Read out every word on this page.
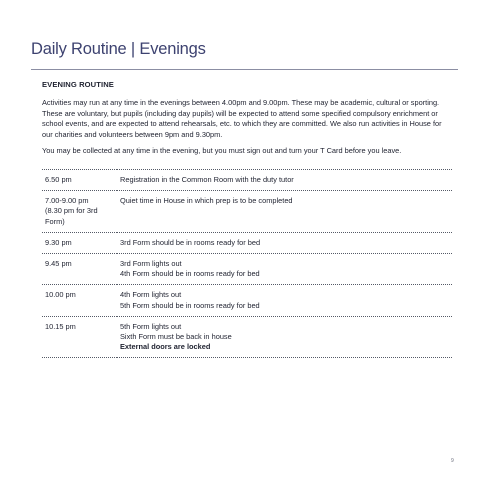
Daily Routine | Evenings
EVENING ROUTINE

Activities may run at any time in the evenings between 4.00pm and 9.00pm. These may be academic, cultural or sporting. These are voluntary, but pupils (including day pupils) will be expected to attend some specified compulsory enrichment or school events, and are expected to attend rehearsals, etc. to which they are committed. We also run activities in House for our charities and volunteers between 9pm and 9.30pm.

You may be collected at any time in the evening, but you must sign out and turn your T Card before you leave.

6.50 pm	Registration in the Common Room with the duty tutor

7.00-9.00 pm
(8.30 pm for 3rd Form)	Quiet time in House in which prep is to be completed

9.30 pm	3rd Form should be in rooms ready for bed

9.45 pm	3rd Form lights out
4th Form should be in rooms ready for bed

10.00 pm	4th Form lights out
5th Form should be in rooms ready for bed

10.15 pm	5th Form lights out
Sixth Form must be back in house
External doors are locked
9
